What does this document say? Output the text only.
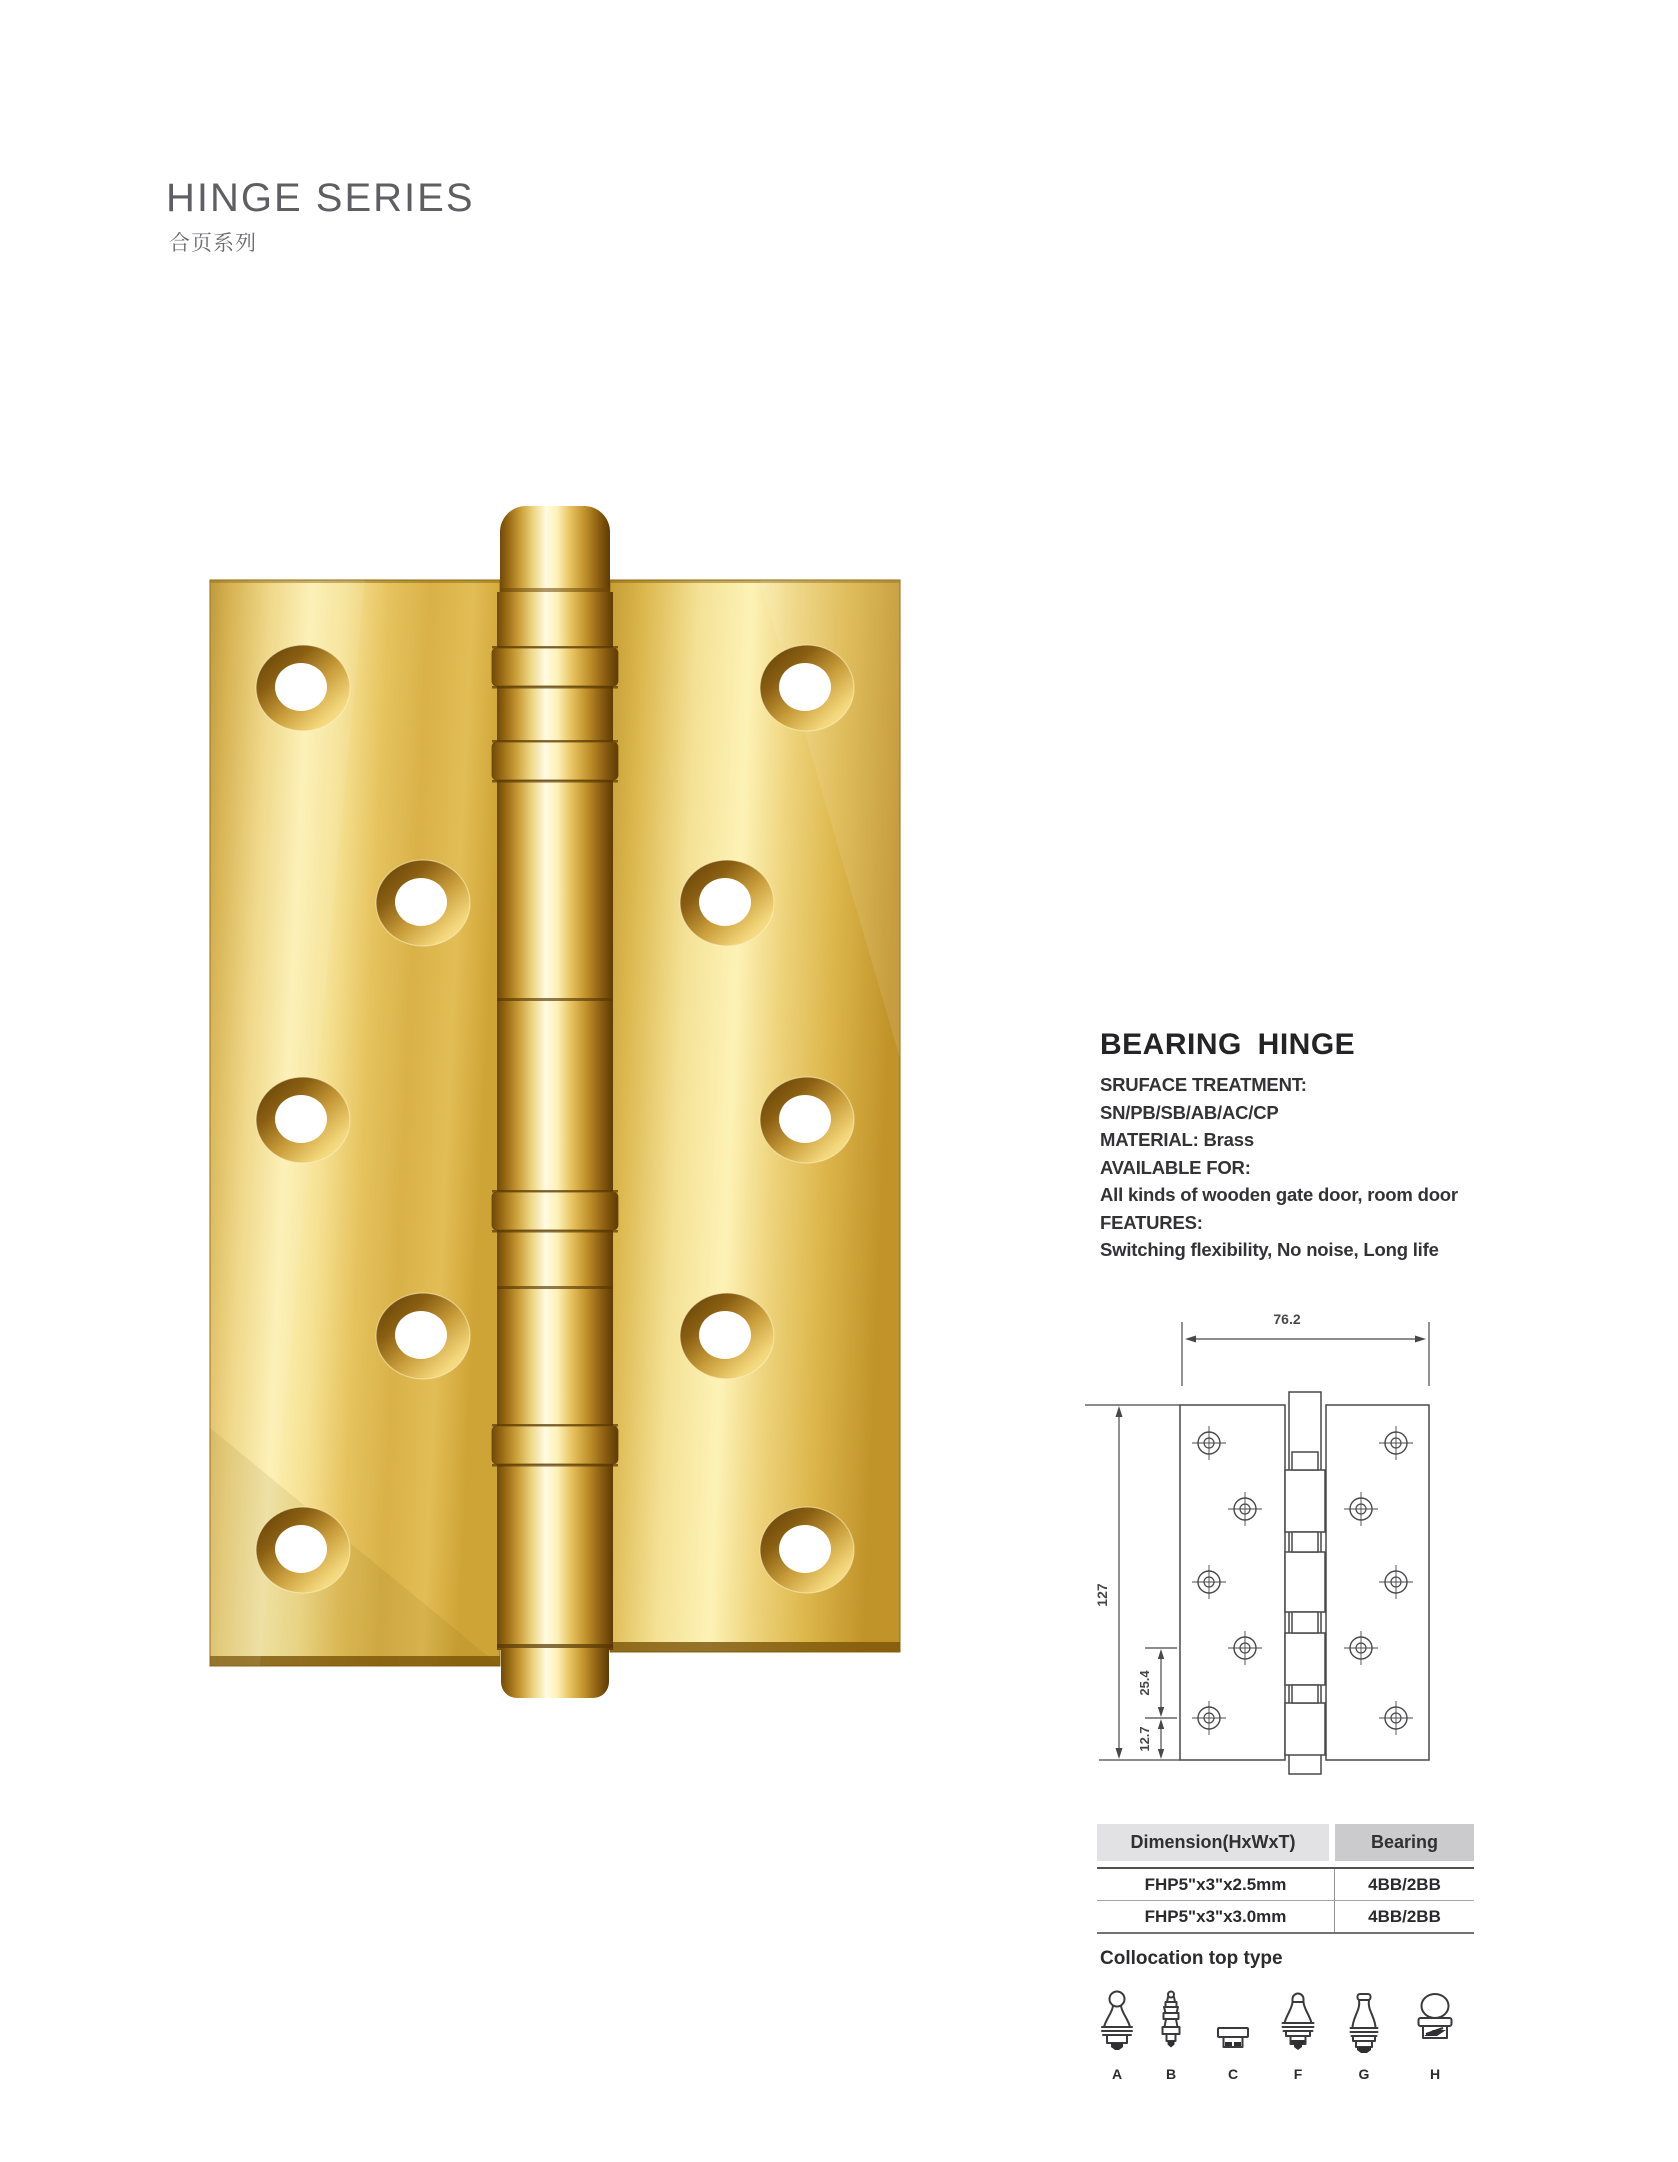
HINGE SERIES
合页系列
BEARING HINGE
SRUFACE TREATMENT:
SN/PB/SB/AB/AC/CP
MATERIAL: Brass
AVAILABLE FOR:
All kinds of wooden gate door, room door
FEATURES:
Switching flexibility, No noise, Long life
76.2
127
25.4
12.7
Dimension(HxWxT)	Bearing
FHP5"x3"x2.5mm	4BB/2BB
FHP5"x3"x3.0mm	4BB/2BB
Collocation top type
A	B	C	F	G	H
